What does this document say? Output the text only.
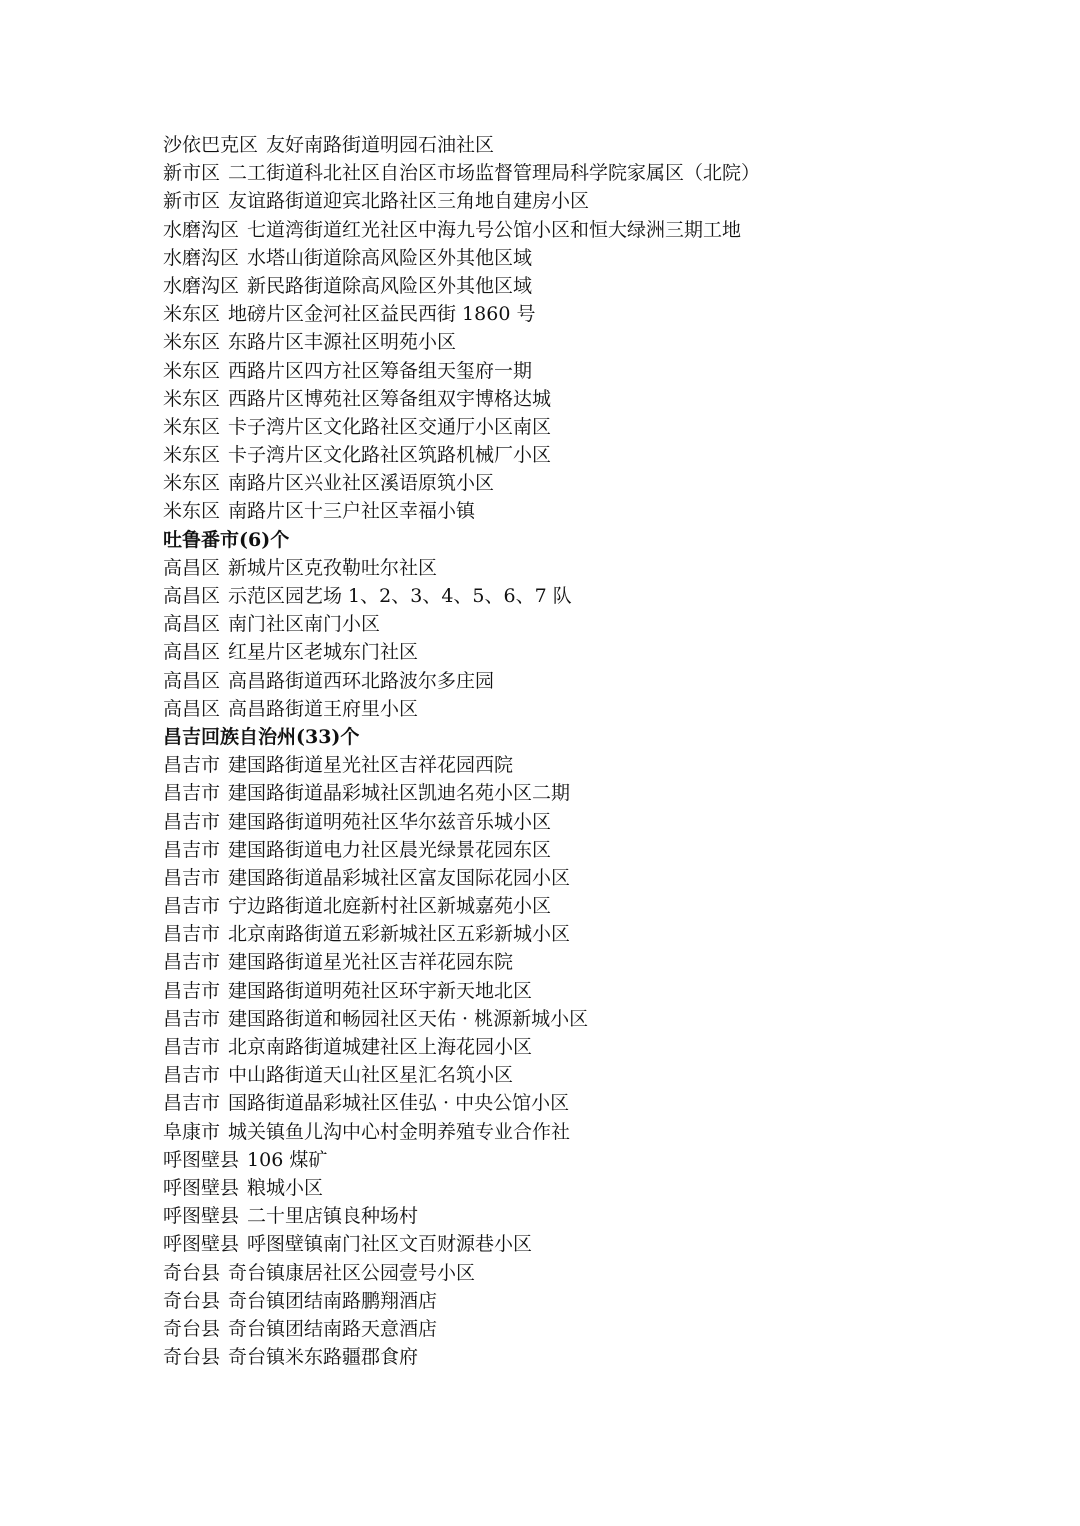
沙依巴克区 友好南路街道明园石油社区
新市区 二工街道科北社区自治区市场监督管理局科学院家属区（北院）
新市区 友谊路街道迎宾北路社区三角地自建房小区
水磨沟区 七道湾街道红光社区中海九号公馆小区和恒大绿洲三期工地
水磨沟区 水塔山街道除高风险区外其他区域
水磨沟区 新民路街道除高风险区外其他区域
米东区 地磅片区金河社区益民西街 1860 号
米东区 东路片区丰源社区明苑小区
米东区 西路片区四方社区筹备组天玺府一期
米东区 西路片区博苑社区筹备组双宇博格达城
米东区 卡子湾片区文化路社区交通厅小区南区
米东区 卡子湾片区文化路社区筑路机械厂小区
米东区 南路片区兴业社区溪语原筑小区
米东区 南路片区十三户社区幸福小镇
吐鲁番市(6)个
高昌区 新城片区克孜勒吐尔社区
高昌区 示范区园艺场 1、2、3、4、5、6、7 队
高昌区 南门社区南门小区
高昌区 红星片区老城东门社区
高昌区 高昌路街道西环北路波尔多庄园
高昌区 高昌路街道王府里小区
昌吉回族自治州(33)个
昌吉市 建国路街道星光社区吉祥花园西院
昌吉市 建国路街道晶彩城社区凯迪名苑小区二期
昌吉市 建国路街道明苑社区华尔兹音乐城小区
昌吉市 建国路街道电力社区晨光绿景花园东区
昌吉市 建国路街道晶彩城社区富友国际花园小区
昌吉市 宁边路街道北庭新村社区新城嘉苑小区
昌吉市 北京南路街道五彩新城社区五彩新城小区
昌吉市 建国路街道星光社区吉祥花园东院
昌吉市 建国路街道明苑社区环宇新天地北区
昌吉市 建国路街道和畅园社区天佑 · 桃源新城小区
昌吉市 北京南路街道城建社区上海花园小区
昌吉市 中山路街道天山社区星汇名筑小区
昌吉市 国路街道晶彩城社区佳弘 · 中央公馆小区
阜康市 城关镇鱼儿沟中心村金明养殖专业合作社
呼图壁县 106 煤矿
呼图壁县 粮城小区
呼图壁县 二十里店镇良种场村
呼图壁县 呼图壁镇南门社区文百财源巷小区
奇台县 奇台镇康居社区公园壹号小区
奇台县 奇台镇团结南路鹏翔酒店
奇台县 奇台镇团结南路天意酒店
奇台县 奇台镇米东路疆郡食府
